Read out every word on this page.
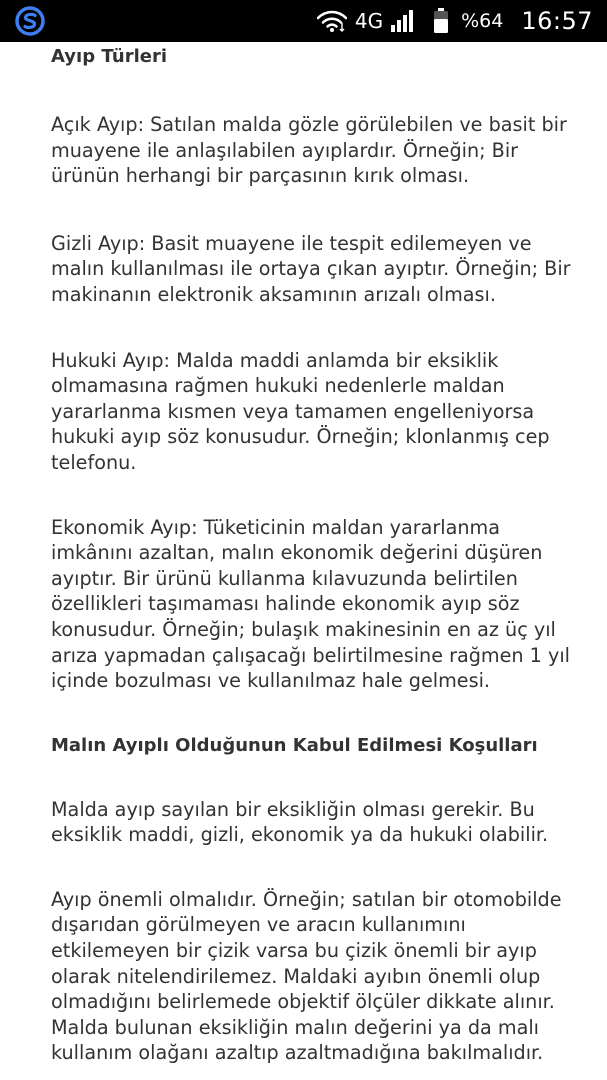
4G	%64 16:57
Ayıp Türleri

Açık Ayıp: Satılan malda gözle görülebilen ve basit bir muayene ile anlaşılabilen ayıplardır. Örneğin; Bir ürünün herhangi bir parçasının kırık olması.

Gizli Ayıp: Basit muayene ile tespit edilemeyen ve malın kullanılması ile ortaya çıkan ayıptır. Örneğin; Bir makinanın elektronik aksamının arızalı olması.

Hukuki Ayıp: Malda maddi anlamda bir eksiklik olmamasına rağmen hukuki nedenlerle maldan yararlanma kısmen veya tamamen engelleniyorsa hukuki ayıp söz konusudur. Örneğin; klonlanmış cep telefonu.

Ekonomik Ayıp: Tüketicinin maldan yararlanma imkânını azaltan, malın ekonomik değerini düşüren ayıptır. Bir ürünü kullanma kılavuzunda belirtilen özellikleri taşımaması halinde ekonomik ayıp söz konusudur. Örneğin; bulaşık makinesinin en az üç yıl arıza yapmadan çalışacağı belirtilmesine rağmen 1 yıl içinde bozulması ve kullanılmaz hale gelmesi.

Malın Ayıplı Olduğunun Kabul Edilmesi Koşulları

Malda ayıp sayılan bir eksikliğin olması gerekir. Bu eksiklik maddi, gizli, ekonomik ya da hukuki olabilir.

Ayıp önemli olmalıdır. Örneğin; satılan bir otomobilde dışarıdan görülmeyen ve aracın kullanımını etkilemeyen bir çizik varsa bu çizik önemli bir ayıp olarak nitelendirilemez. Maldaki ayıbın önemli olup olmadığını belirlemede objektif ölçüler dikkate alınır. Malda bulunan eksikliğin malın değerini ya da malı kullanım olağanı azaltıp azaltmadığına bakılmalıdır.
